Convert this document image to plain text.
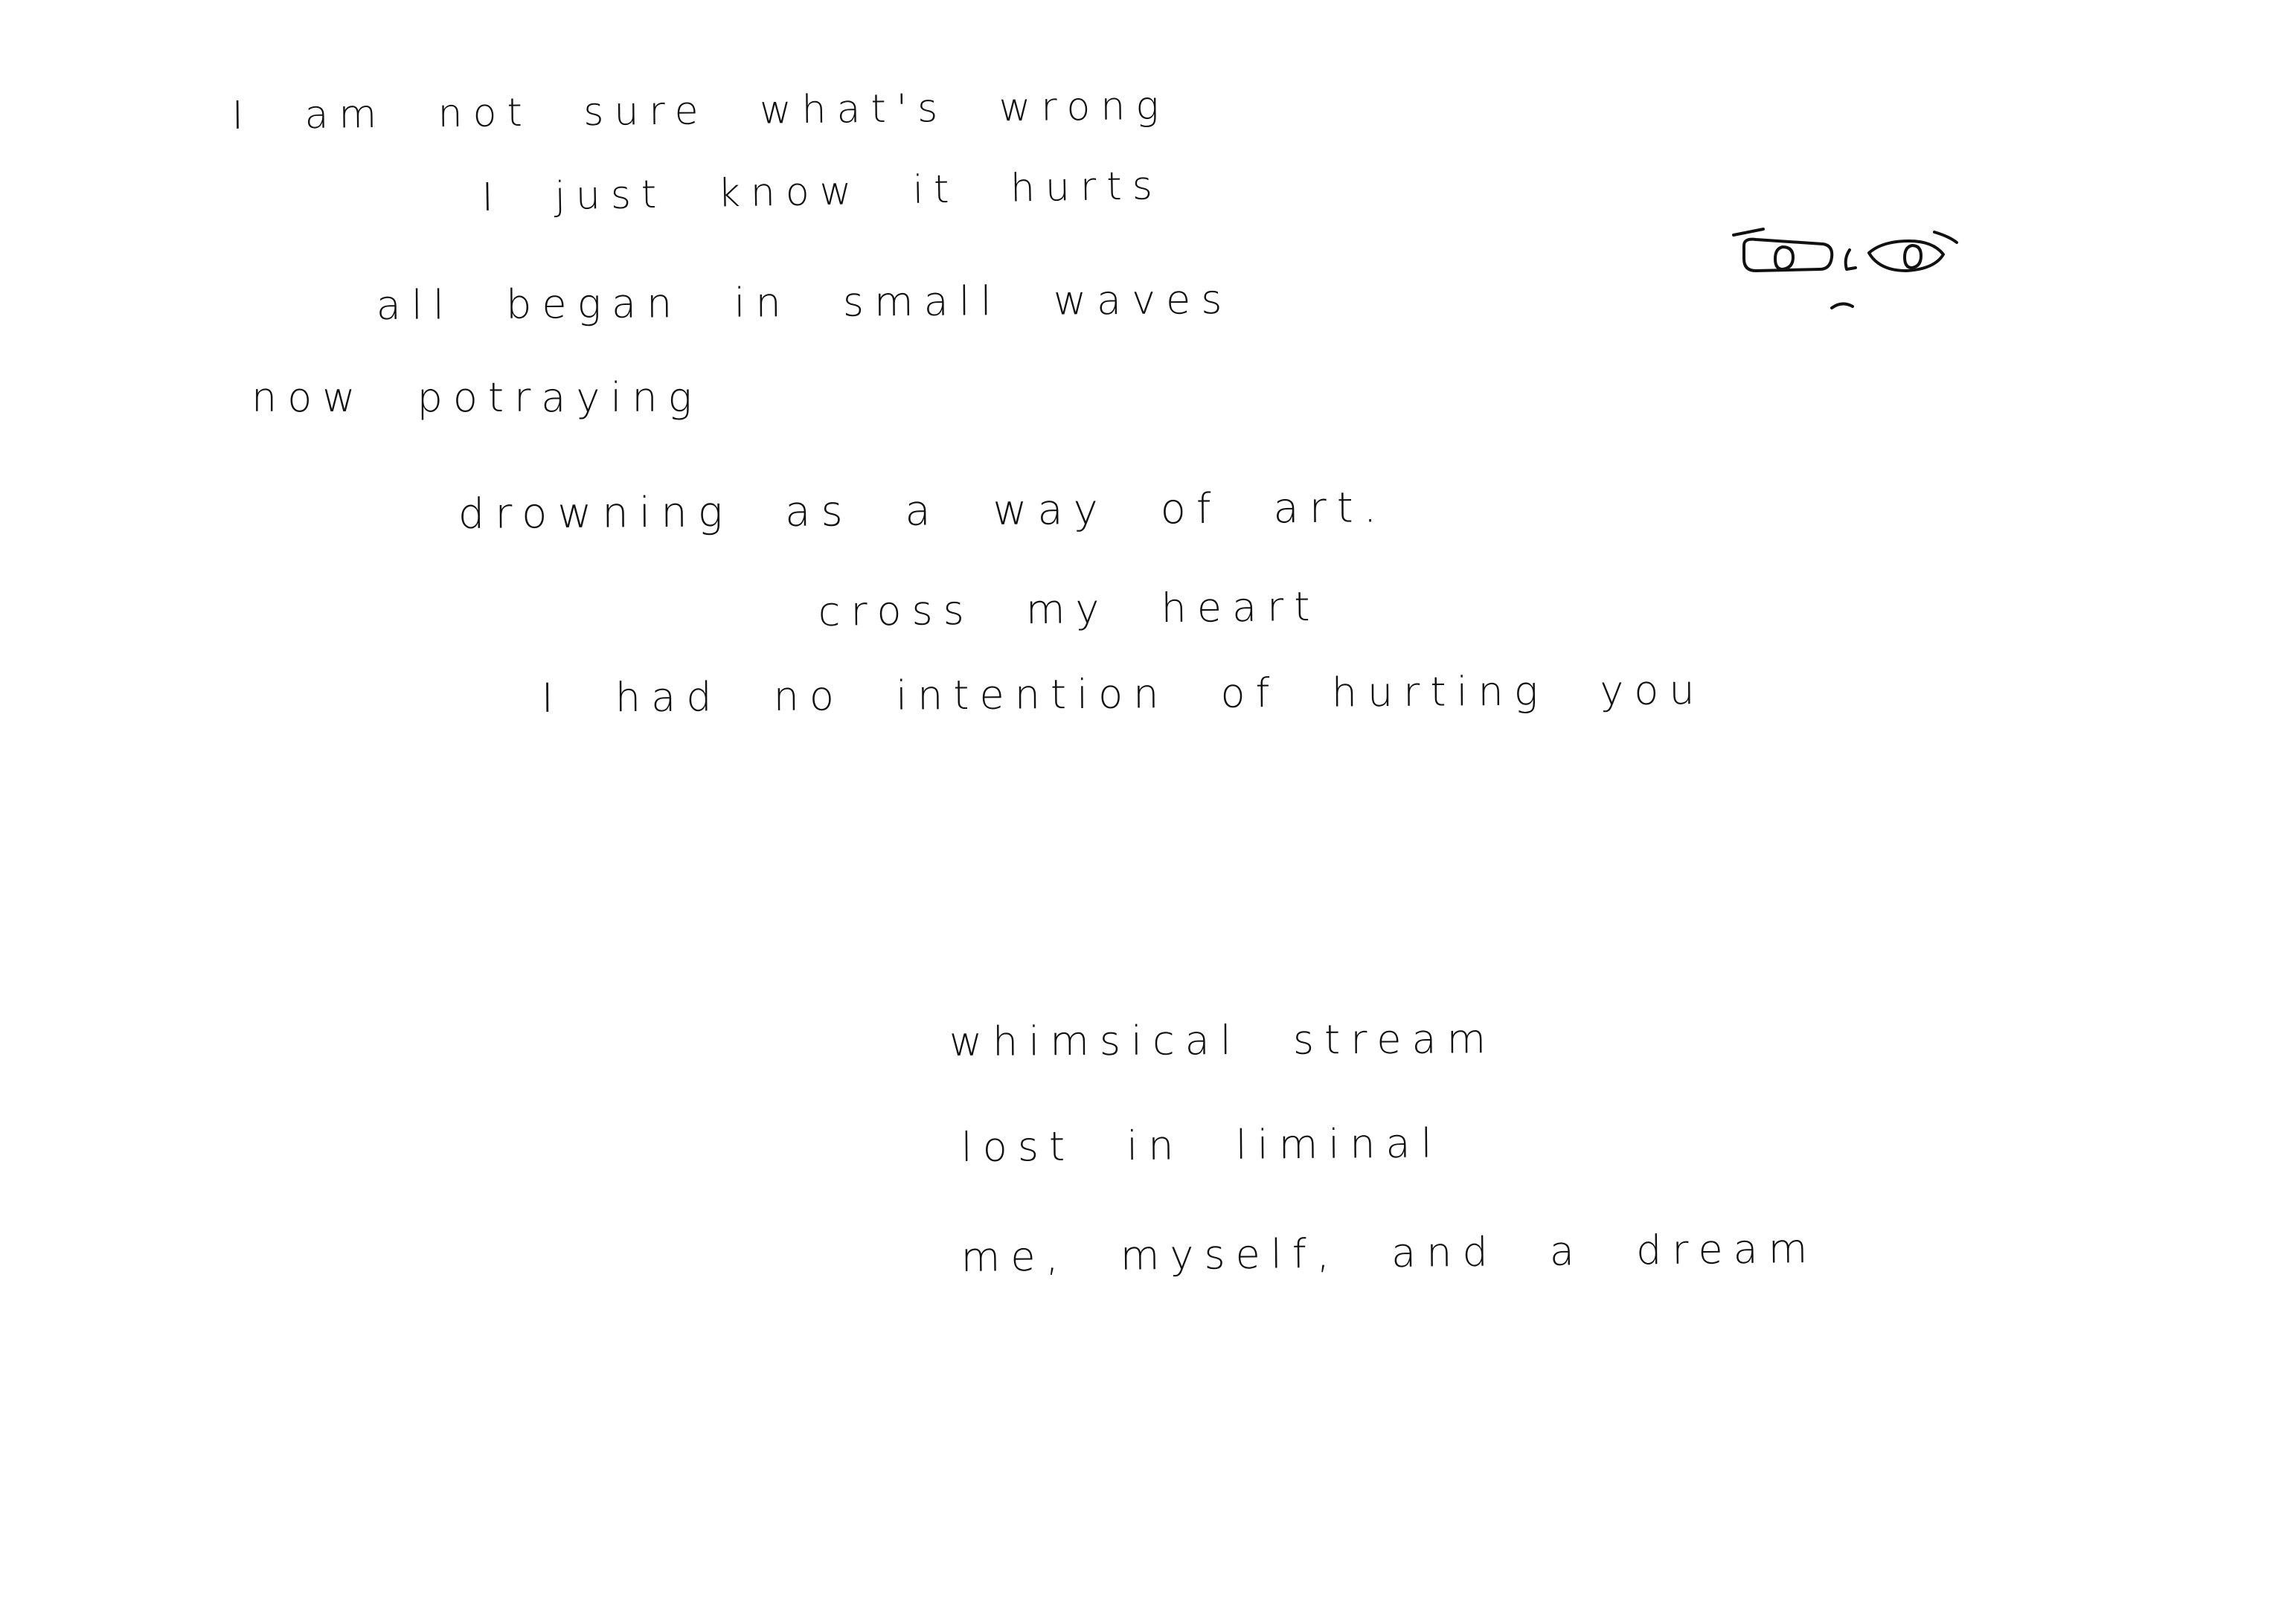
I am not sure what's wrong
I just know it hurts
all began in small waves
now potraying
drowning as a way of art.
cross my heart
I had no intention of hurting you
whimsical stream
lost in liminal
me, myself, and a dream
